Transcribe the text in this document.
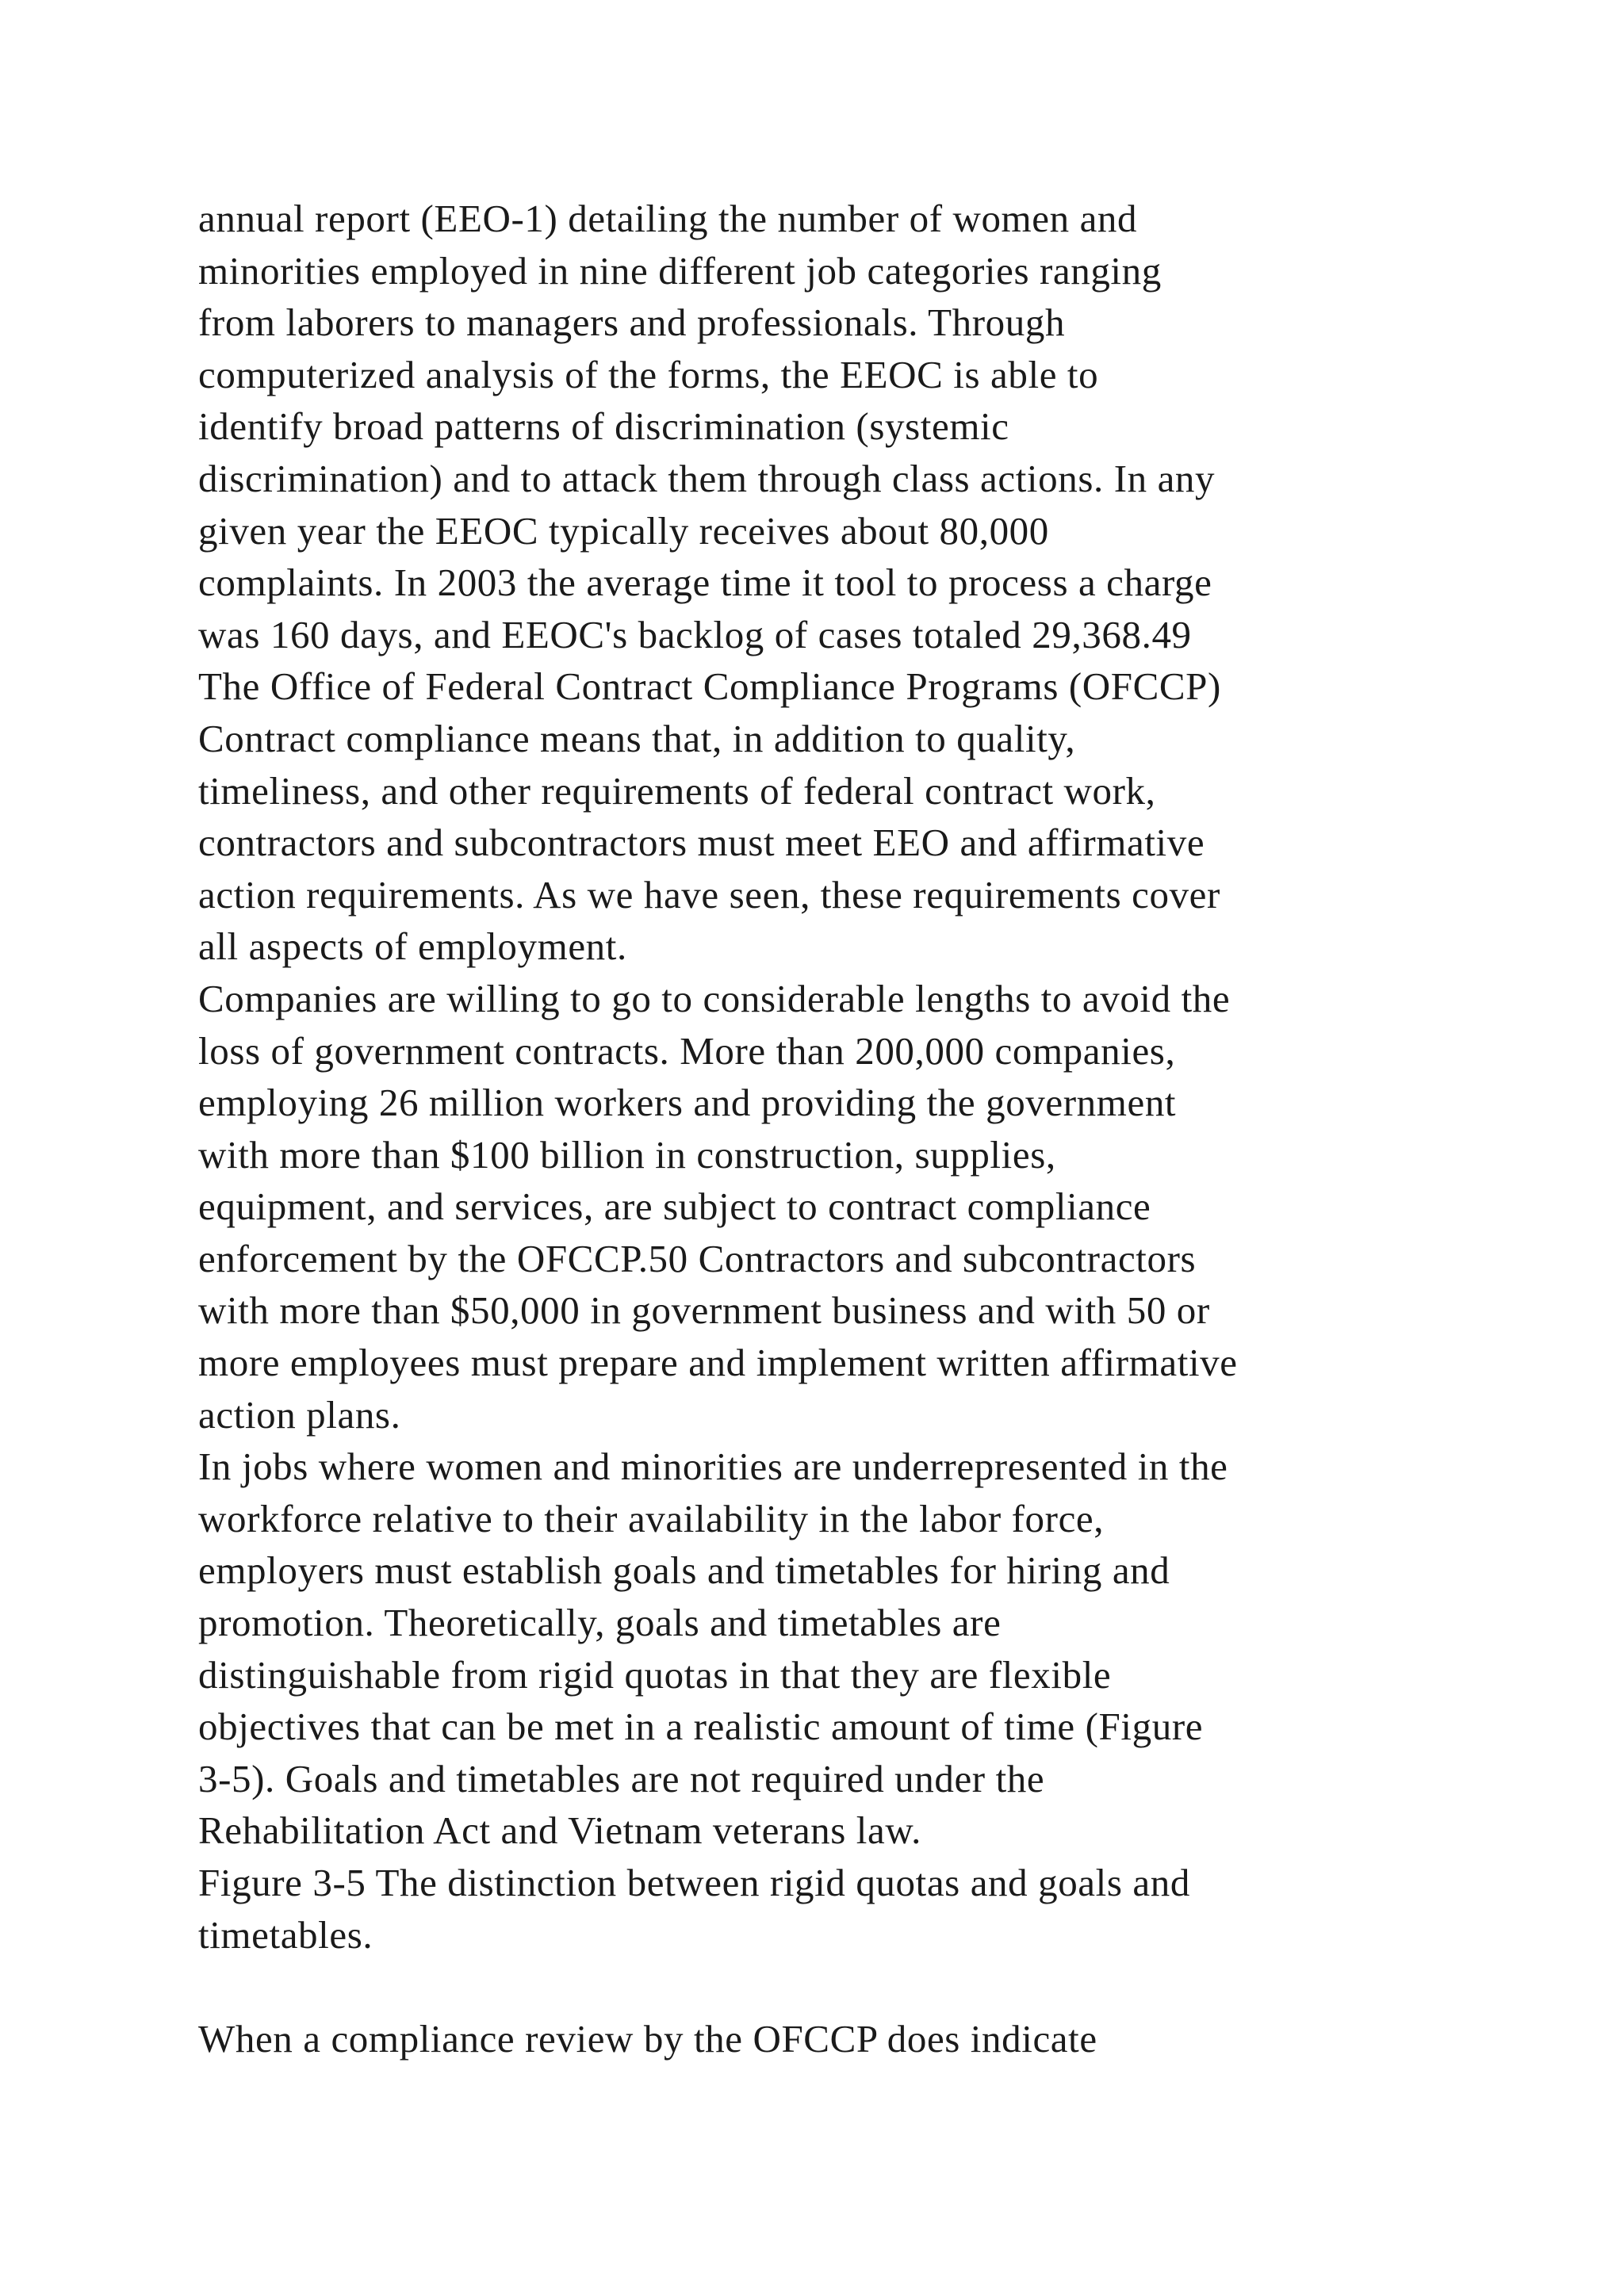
annual report (EEO-1) detailing the number of women and
minorities employed in nine different job categories ranging
from laborers to managers and professionals. Through
computerized analysis of the forms, the EEOC is able to
identify broad patterns of discrimination (systemic
discrimination) and to attack them through class actions. In any
given year the EEOC typically receives about 80,000
complaints. In 2003 the average time it tool to process a charge
was 160 days, and EEOC's backlog of cases totaled 29,368.49
The Office of Federal Contract Compliance Programs (OFCCP)
Contract compliance means that, in addition to quality,
timeliness, and other requirements of federal contract work,
contractors and subcontractors must meet EEO and affirmative
action requirements. As we have seen, these requirements cover
all aspects of employment.
Companies are willing to go to considerable lengths to avoid the
loss of government contracts. More than 200,000 companies,
employing 26 million workers and providing the government
with more than $100 billion in construction, supplies,
equipment, and services, are subject to contract compliance
enforcement by the OFCCP.50 Contractors and subcontractors
with more than $50,000 in government business and with 50 or
more employees must prepare and implement written affirmative
action plans.
In jobs where women and minorities are underrepresented in the
workforce relative to their availability in the labor force,
employers must establish goals and timetables for hiring and
promotion. Theoretically, goals and timetables are
distinguishable from rigid quotas in that they are flexible
objectives that can be met in a realistic amount of time (Figure
3-5). Goals and timetables are not required under the
Rehabilitation Act and Vietnam veterans law.
Figure 3-5 The distinction between rigid quotas and goals and
timetables.
When a compliance review by the OFCCP does indicate
